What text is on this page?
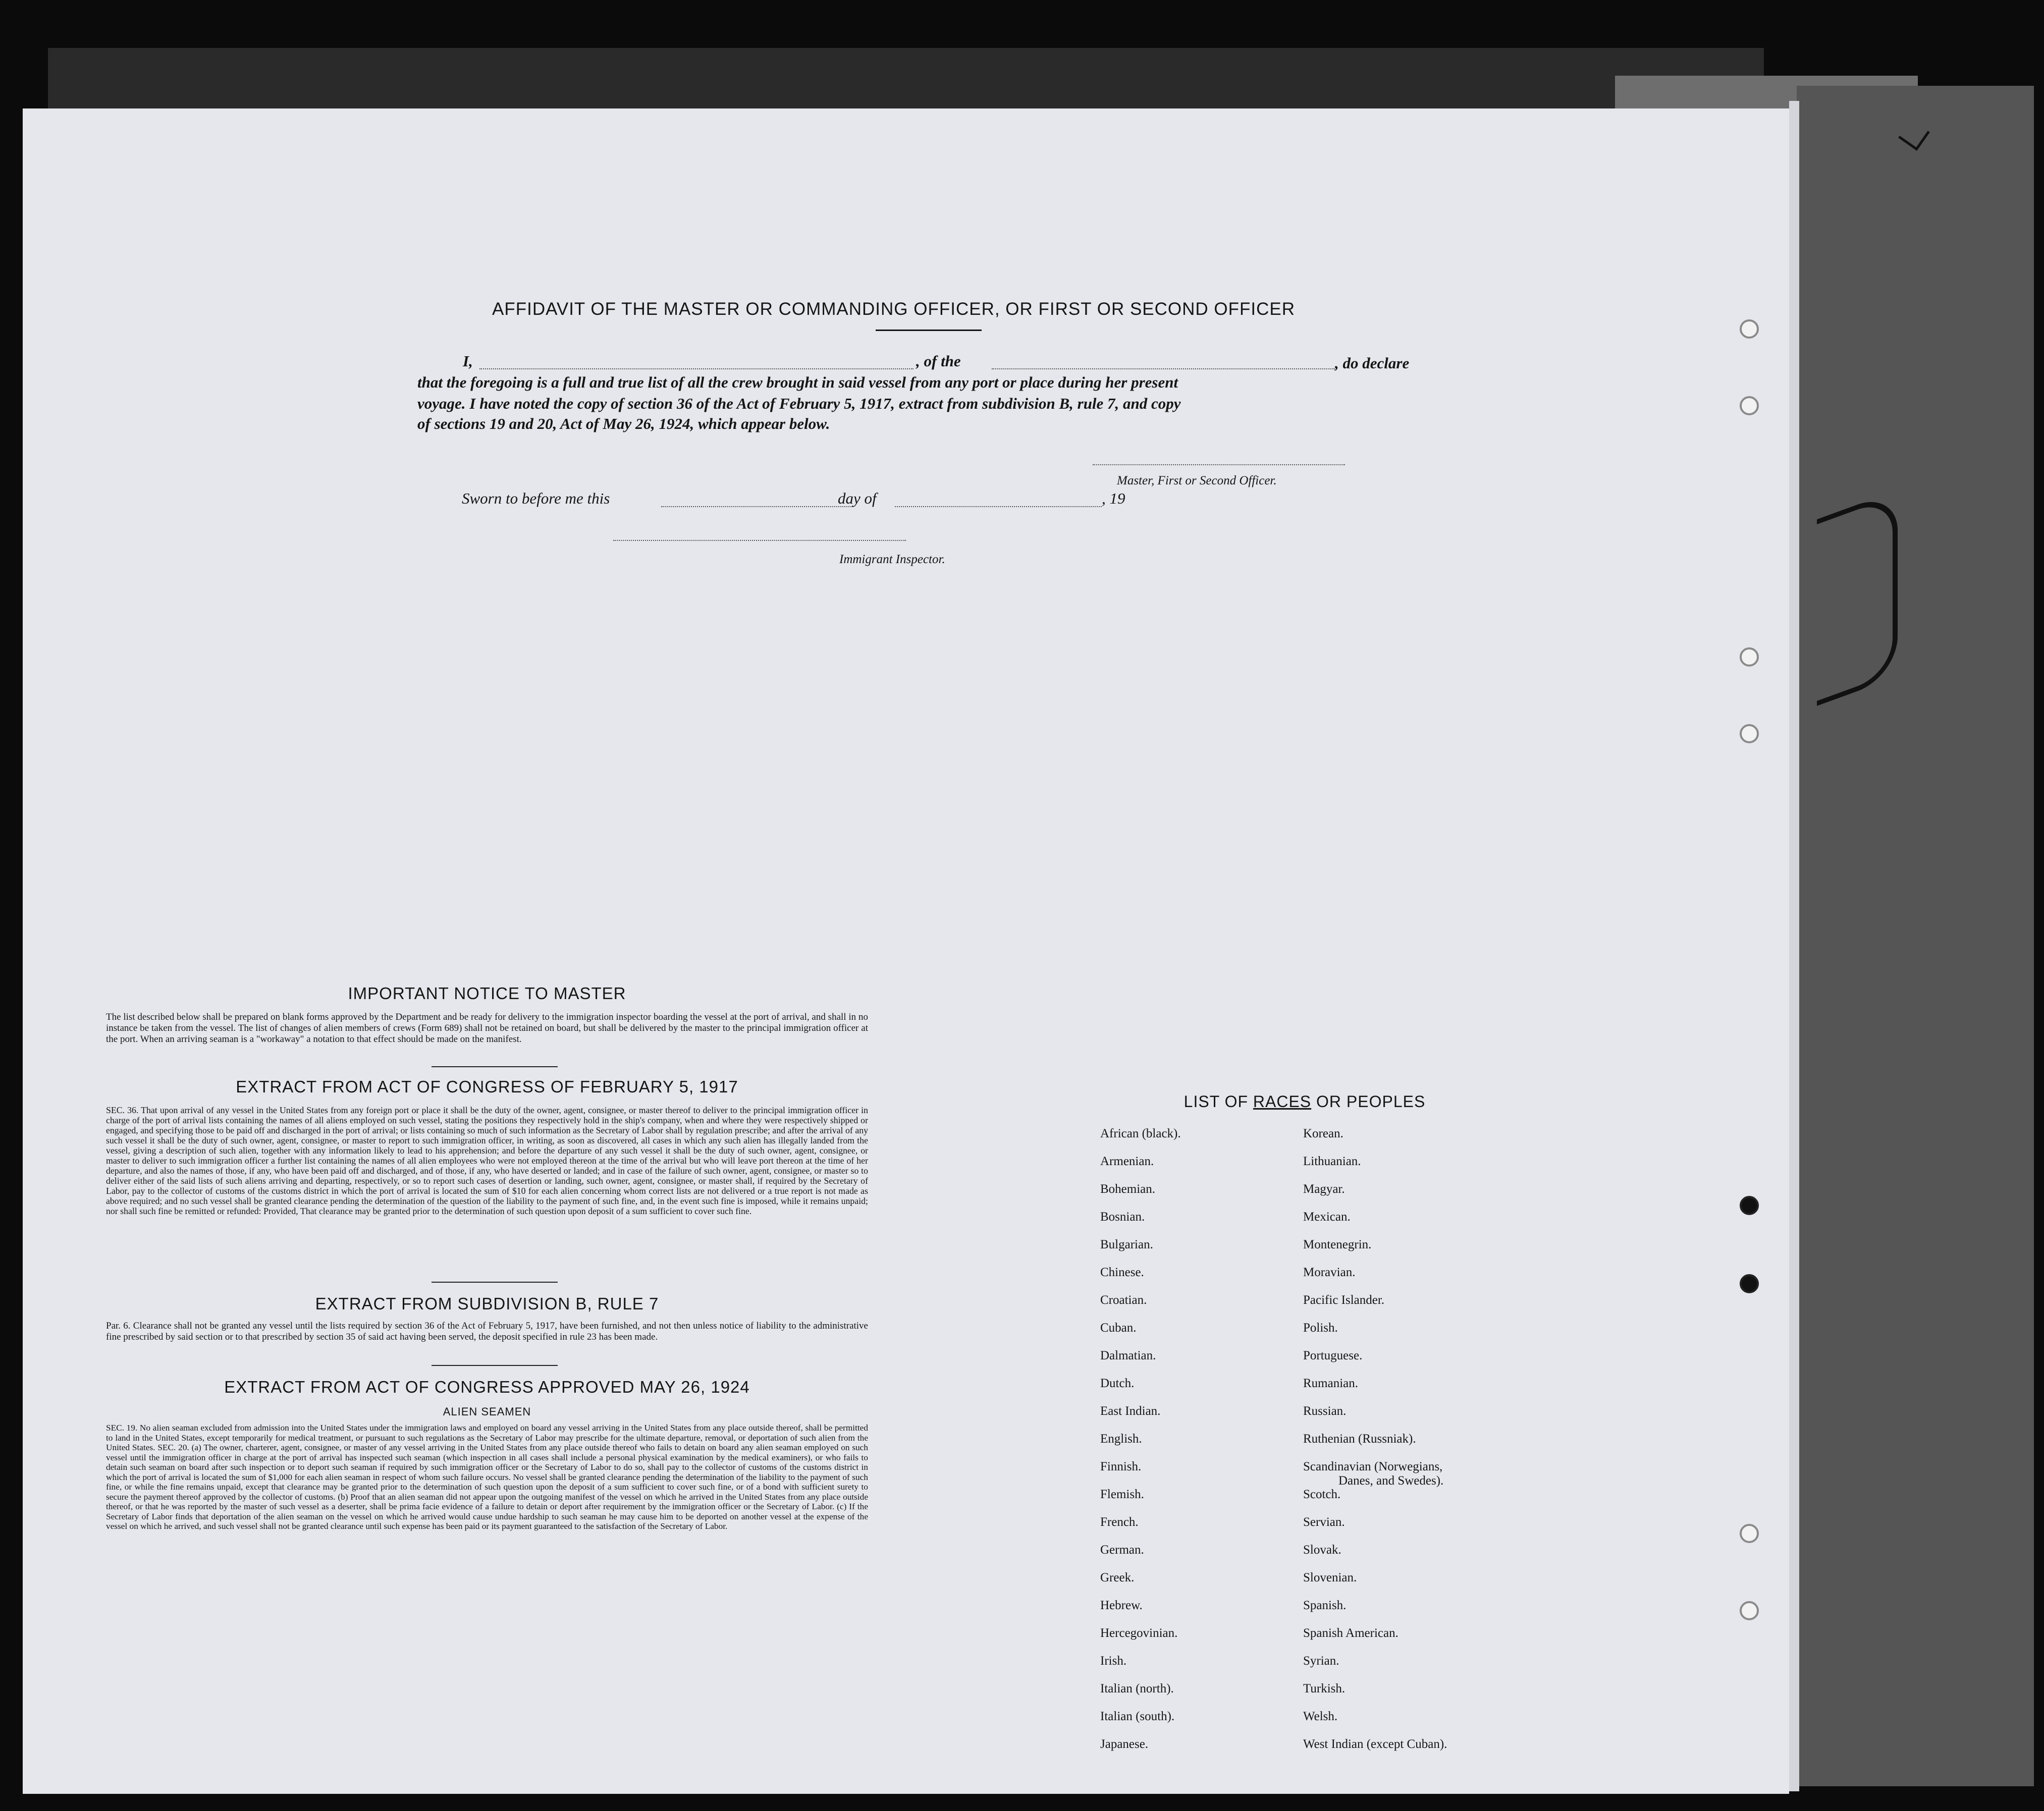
AFFIDAVIT OF THE MASTER OR COMMANDING OFFICER, OR FIRST OR SECOND OFFICER
I,	, of the	, do declare
that the foregoing is a full and true list of all the crew brought in said vessel from any port or place during her present
voyage. I have noted the copy of section 36 of the Act of February 5, 1917, extract from subdivision B, rule 7, and copy
of sections 19 and 20, Act of May 26, 1924, which appear below.
Master, First or Second Officer.
Sworn to before me this	day of	, 19
Immigrant Inspector.
IMPORTANT NOTICE TO MASTER
The list described below shall be prepared on blank forms approved by the Department and be ready for delivery to the immigration inspector boarding the vessel at the port of arrival, and shall in no instance be taken from the vessel. The list of changes of alien members of crews (Form 689) shall not be retained on board, but shall be delivered by the master to the principal immigration officer at the port. When an arriving seaman is a "workaway" a notation to that effect should be made on the manifest.
EXTRACT FROM ACT OF CONGRESS OF FEBRUARY 5, 1917
SEC. 36. That upon arrival of any vessel in the United States from any foreign port or place it shall be the duty of the owner, agent, consignee, or master thereof to deliver to the principal immigration officer in charge of the port of arrival lists containing the names of all aliens employed on such vessel, stating the positions they respectively hold in the ship's company, when and where they were respectively shipped or engaged, and specifying those to be paid off and discharged in the port of arrival; or lists containing so much of such information as the Secretary of Labor shall by regulation prescribe; and after the arrival of any such vessel it shall be the duty of such owner, agent, consignee, or master to report to such immigration officer, in writing, as soon as discovered, all cases in which any such alien has illegally landed from the vessel, giving a description of such alien, together with any information likely to lead to his apprehension; and before the departure of any such vessel it shall be the duty of such owner, agent, consignee, or master to deliver to such immigration officer a further list containing the names of all alien employees who were not employed thereon at the time of the arrival but who will leave port thereon at the time of her departure, and also the names of those, if any, who have been paid off and discharged, and of those, if any, who have deserted or landed; and in case of the failure of such owner, agent, consignee, or master so to deliver either of the said lists of such aliens arriving and departing, respectively, or so to report such cases of desertion or landing, such owner, agent, consignee, or master shall, if required by the Secretary of Labor, pay to the collector of customs of the customs district in which the port of arrival is located the sum of $10 for each alien concerning whom correct lists are not delivered or a true report is not made as above required; and no such vessel shall be granted clearance pending the determination of the question of the liability to the payment of such fine, and, in the event such fine is imposed, while it remains unpaid; nor shall such fine be remitted or refunded: Provided, That clearance may be granted prior to the determination of such question upon deposit of a sum sufficient to cover such fine.
EXTRACT FROM SUBDIVISION B, RULE 7
Par. 6. Clearance shall not be granted any vessel until the lists required by section 36 of the Act of February 5, 1917, have been furnished, and not then unless notice of liability to the administrative fine prescribed by said section or to that prescribed by section 35 of said act having been served, the deposit specified in rule 23 has been made.
EXTRACT FROM ACT OF CONGRESS APPROVED MAY 26, 1924
ALIEN SEAMEN
SEC. 19. No alien seaman excluded from admission into the United States under the immigration laws and employed on board any vessel arriving in the United States from any place outside thereof, shall be permitted to land in the United States, except temporarily for medical treatment, or pursuant to such regulations as the Secretary of Labor may prescribe for the ultimate departure, removal, or deportation of such alien from the United States. SEC. 20. (a) The owner, charterer, agent, consignee, or master of any vessel arriving in the United States from any place outside thereof who fails to detain on board any alien seaman employed on such vessel until the immigration officer in charge at the port of arrival has inspected such seaman (which inspection in all cases shall include a personal physical examination by the medical examiners), or who fails to detain such seaman on board after such inspection or to deport such seaman if required by such immigration officer or the Secretary of Labor to do so, shall pay to the collector of customs of the customs district in which the port of arrival is located the sum of $1,000 for each alien seaman in respect of whom such failure occurs. No vessel shall be granted clearance pending the determination of the liability to the payment of such fine, or while the fine remains unpaid, except that clearance may be granted prior to the determination of such question upon the deposit of a sum sufficient to cover such fine, or of a bond with sufficient surety to secure the payment thereof approved by the collector of customs. (b) Proof that an alien seaman did not appear upon the outgoing manifest of the vessel on which he arrived in the United States from any place outside thereof, or that he was reported by the master of such vessel as a deserter, shall be prima facie evidence of a failure to detain or deport after requirement by the immigration officer or the Secretary of Labor. (c) If the Secretary of Labor finds that deportation of the alien seaman on the vessel on which he arrived would cause undue hardship to such seaman he may cause him to be deported on another vessel at the expense of the vessel on which he arrived, and such vessel shall not be granted clearance until such expense has been paid or its payment guaranteed to the satisfaction of the Secretary of Labor.
LIST OF RACES OR PEOPLES
African (black).
Armenian.
Bohemian.
Bosnian.
Bulgarian.
Chinese.
Croatian.
Cuban.
Dalmatian.
Dutch.
East Indian.
English.
Finnish.
Flemish.
French.
German.
Greek.
Hebrew.
Hercegovinian.
Irish.
Italian (north).
Italian (south).
Japanese.
Korean.
Lithuanian.
Magyar.
Mexican.
Montenegrin.
Moravian.
Pacific Islander.
Polish.
Portuguese.
Rumanian.
Russian.
Ruthenian (Russniak).
Scandinavian (Norwegians,
Danes, and Swedes).
Scotch.
Servian.
Slovak.
Slovenian.
Spanish.
Spanish American.
Syrian.
Turkish.
Welsh.
West Indian (except Cuban).
